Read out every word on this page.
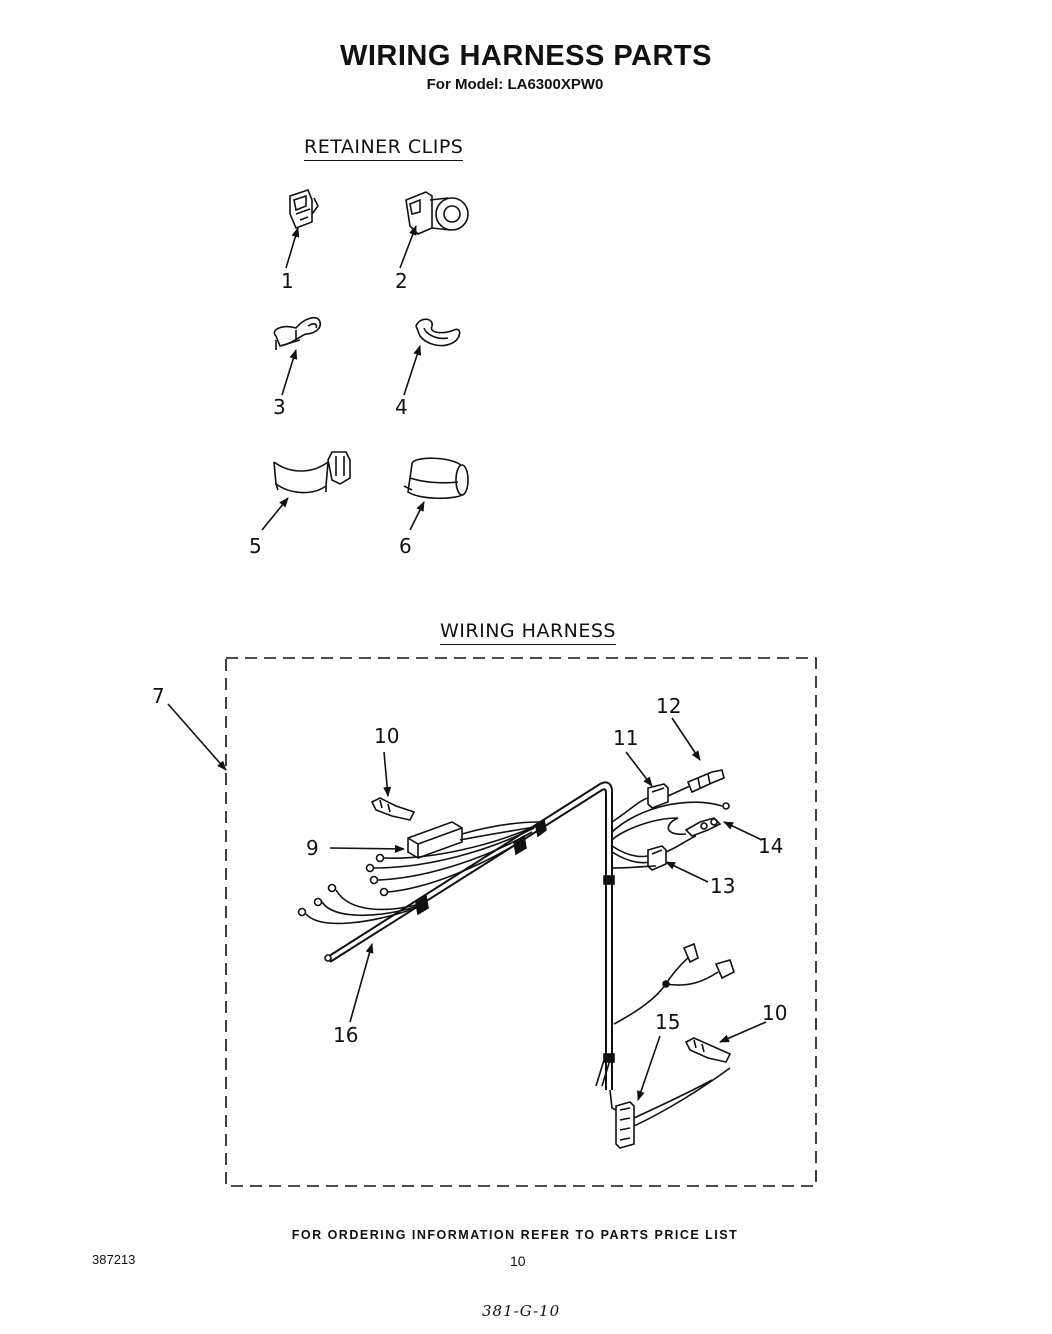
WIRING HARNESS PARTS
For Model: LA6300XPW0
RETAINER CLIPS
WIRING HARNESS
1	2
3	4
5	6
7
9
10
10
11
12
13
14
15
16
FOR ORDERING INFORMATION REFER TO PARTS PRICE LIST
387213	10
381-G-10
